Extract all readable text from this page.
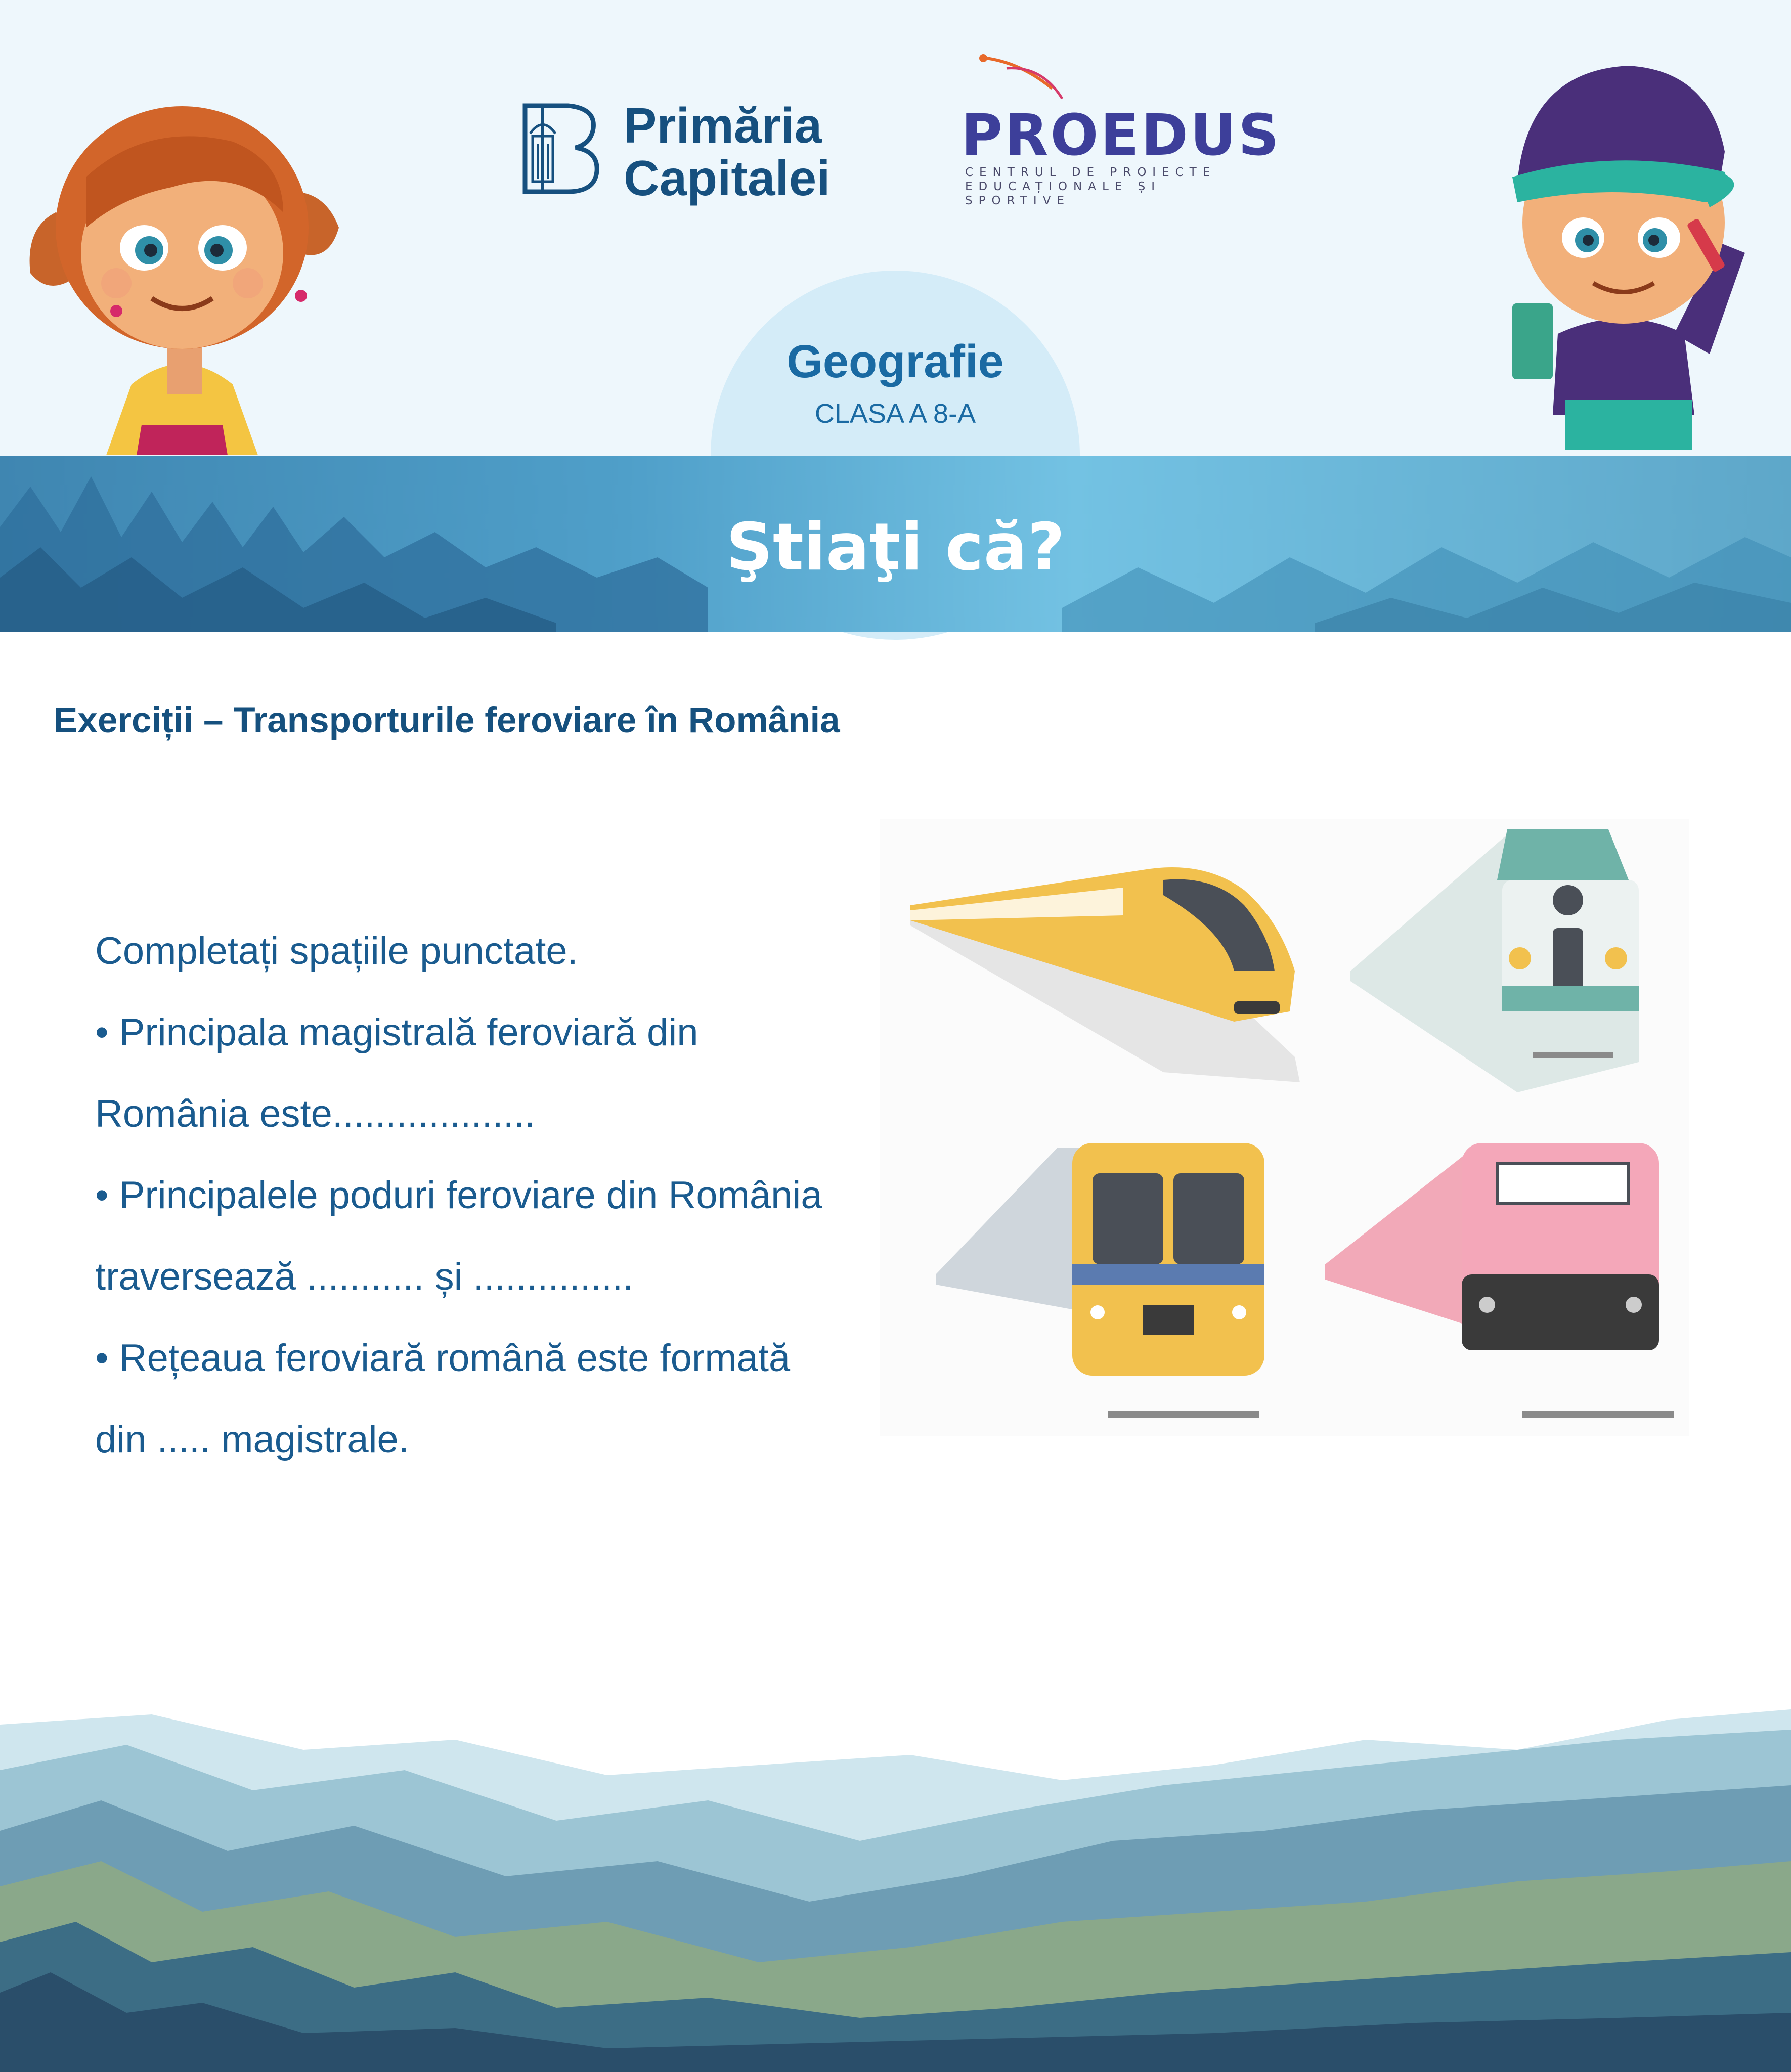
Primăria
Capitalei
PROEDUS
CENTRUL DE PROIECTE
EDUCAȚIONALE ȘI SPORTIVE
Geografie
CLASA A 8-A
Ştiaţi că?
Exerciții – Transporturile feroviare în România

Completați spațiile punctate.

• Principala magistrală feroviară din

România este...................

• Principalele poduri feroviare din România

traversează ........... și ...............

• Rețeaua feroviară română este formată

din ..... magistrale.
